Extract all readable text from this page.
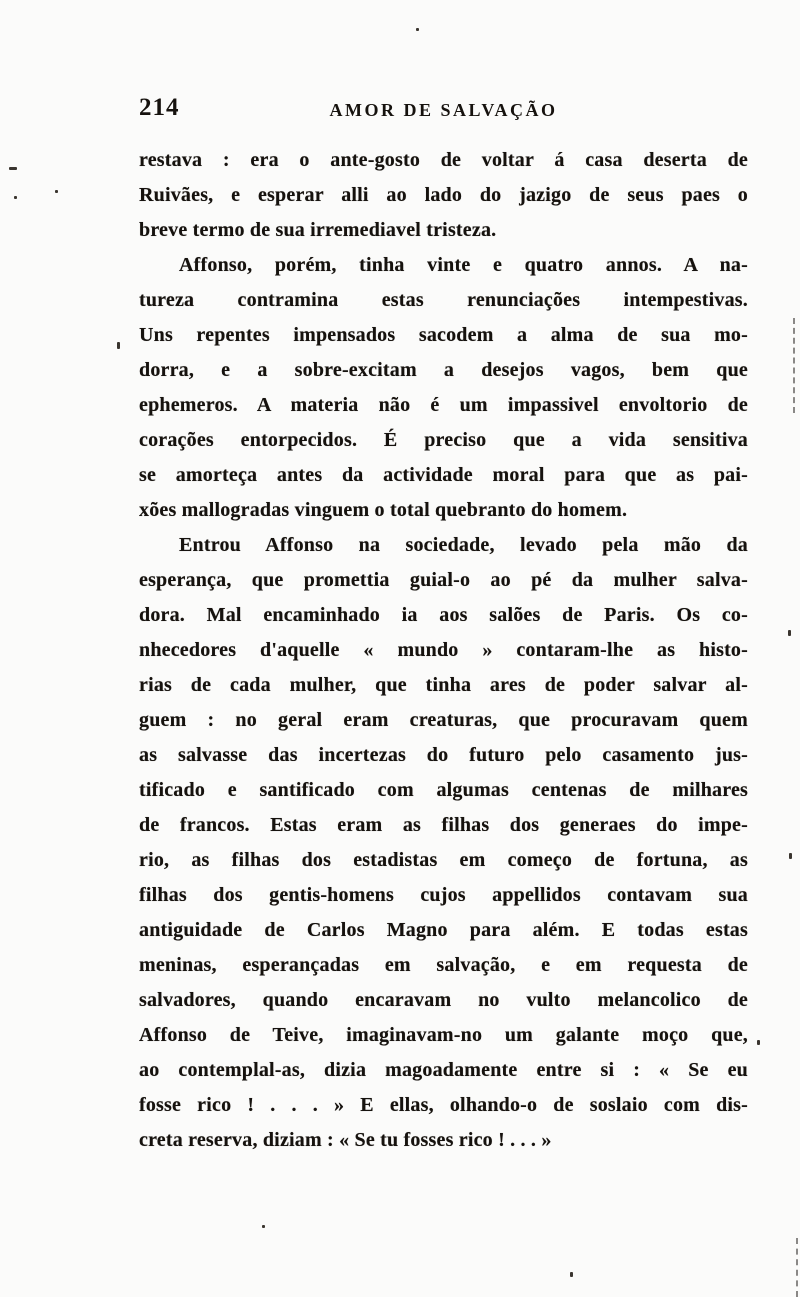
214	AMOR DE SALVAÇÃO
restava : era o ante-gosto de voltar á casa deserta de
Ruivães, e esperar alli ao lado do jazigo de seus paes o
breve termo de sua irremediavel tristeza.
Affonso, porém, tinha vinte e quatro annos. A na-
tureza contramina estas renunciações intempestivas.
Uns repentes impensados sacodem a alma de sua mo-
dorra, e a sobre-excitam a desejos vagos, bem que
ephemeros. A materia não é um impassivel envoltorio de
corações entorpecidos. É preciso que a vida sensitiva
se amorteça antes da actividade moral para que as pai-
xões mallogradas vinguem o total quebranto do homem.
Entrou Affonso na sociedade, levado pela mão da
esperança, que promettia guial-o ao pé da mulher salva-
dora. Mal encaminhado ia aos salões de Paris. Os co-
nhecedores d'aquelle « mundo » contaram-lhe as histo-
rias de cada mulher, que tinha ares de poder salvar al-
guem : no geral eram creaturas, que procuravam quem
as salvasse das incertezas do futuro pelo casamento jus-
tificado e santificado com algumas centenas de milhares
de francos. Estas eram as filhas dos generaes do impe-
rio, as filhas dos estadistas em começo de fortuna, as
filhas dos gentis-homens cujos appellidos contavam sua
antiguidade de Carlos Magno para além. E todas estas
meninas, esperançadas em salvação, e em requesta de
salvadores, quando encaravam no vulto melancolico de
Affonso de Teive, imaginavam-no um galante moço que,
ao contemplal-as, dizia magoadamente entre si : « Se eu
fosse rico ! . . . » E ellas, olhando-o de soslaio com dis-
creta reserva, diziam : « Se tu fosses rico ! . . . »
